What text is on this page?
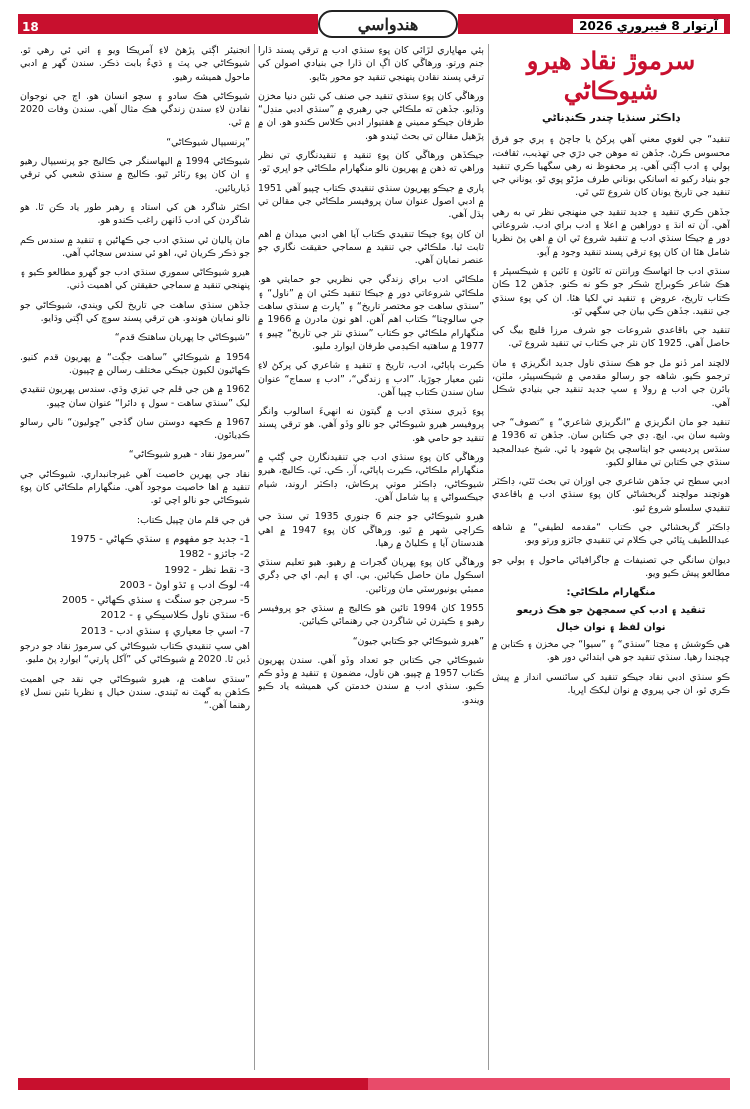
18	هندواسي	آرتوار 8 فيبروري 2026
سرموڙ نقاد هيرو شيوڪاڻي
ڊاڪٽر سنڌيا چندر ڪنڊناڻي

تنقيد“ جي لغوي معني آهي پرکڻ يا جاچڻ ۽ ٻري جو فرق محسوس ڪرڻ. جڏهن ته موهن جي دڙي جي تهذيب، ثقافت، ٻولي ۽ ادب اڳتي آهي. پر محفوظ نه رهي سگهيا ڪري تنقيد جو بنياد رکيو ته اسانکي بوناني طرف مڙڻو پوي ٿو. يوناني جي تنقيد جي تاريخ يونان کان شروع ٿئي ٿي.

جڏهن ڪري تنقيد ۽ جديد تنقيد جي منهنجي نظر تي به رهي آهي. آن ته انڌ ۽ دوراهين ۾ اعلا ۽ ادب براي ادب. شروعاتي دور ۾ جيڪا سنڌي ادب ۾ تنقيد شروع ٿي ان ۾ اهي پڻ نظريا شامل هئا ان کان پوءِ ترقي پسند تنقيد وجود ۾ آيو.

سنڌي ادب جا اتهاسڪ ورانتن ته ٽائون ۽ ٽائين ۽ شيڪسپئر ۽ هڪ شاعر ڪوبراج شڪر جو ڪو نه ڪنو. جڏهن 12 ڪان ڪتاب تاريخ، عروض ۽ تنقيد تي لکيا هئا. ان کي پوءِ سنڌي جي تنقيد. جڏهن ڪي بيان جي سگهي ٿو.

تنقيد جي باقاعدي شروعات جو شرف مرزا قليچ بيگ کي حاصل آهي. 1925 کان نثر جي ڪتاب تي تنقيد شروع ٿي.

لالچند امر ڏنو مل جو هڪ سنڌي ناول جديد انگريزي ۽ مان ترجمو ڪيو. شاهه جو رسالو مقدمي ۾ شيڪسپيئر، ملٽن، بائرن جي ادب ۾ رولا ۽ سڀ جديد تنقيد جي بنيادي شڪل آهي.

تنقيد جو مان انگريزي ۾ “انگريزي شاعري“ ۽ “تصوف“ جي وشيه سان بي. ايچ. ڊي جي ڪتابن سان. جڏهن ته 1936 ۾ سنڌس پرديسي جو ايتاسچي پڻ شهود يا ٿي. شيخ عبدالمجيد سنڌي جي ڪتابن تي مقالو لکيو.

ادبي سطح تي جڏهن شاعري جي اوزان تي بحث ٿئي، ڊاڪٽر هوتچند مولچند گربخشاڻي کان پوءِ سنڌي ادب ۾ باقاعدي تنقيدي سلسلو شروع ٿيو.

ڊاڪٽر گربخشاڻي جي ڪتاب “مقدمه لطيفي“ ۾ شاهه عبداللطيف ڀٽائي جي ڪلام تي تنقيدي جائزو ورتو ويو.

ديوان سانگي جي تصنيفات ۾ جاگرافيائي ماحول ۽ ٻولي جو مطالعو پيش ڪيو ويو.

منگهارام ملڪاڻي:
تنقيد ۽ ادب کي سمجهڻ جو هڪ ذريعو
نوان لفظ ۽ نوان خيال

هي ڪوشش ۽ مڃتا ”سنڌي“ ۽ ”سيوا“ جي مخزن ۽ ڪتابن ۾ ڇپجندا رهيا. سنڌي تنقيد جو هي ابتدائي دور هو.

ڪو سنڌي ادبي نقاد جيڪو تنقيد کي سائنسي انداز ۾ پيش ڪري ٿو، ان جي پيروي ۾ نوان ليکڪ اڀريا.

ٻئي مهاڀاري لڙائي کان پوءِ سنڌي ادب ۾ ترقي پسند ڌارا جنم ورتو. ورهاڱي کان اڳ ان ڌارا جي بنيادي اصولن کي ترقي پسند نقادن پنهنجي تنقيد جو محور بڻايو.

ورهاڱي کان پوءِ سنڌي تنقيد جي صنف کي نئين دنيا مخزن وڌايو. جڏهن ته ملڪاڻي جي رهبري ۾ ”سنڌي ادبي منڊل“ طرفان جيڪو مميني ۾ هفتيوار ادبي ڪلاس ڪندو هو. ان ۾ پڙهيل مقالن تي بحث ٿيندو هو.

جيڪڏهن ورهاڱي کان پوءِ تنقيد ۽ تنقيدنگاري تي نظر وراهي ته ذهن ۾ پهريون نالو منگهارام ملڪاڻي جو اڀري ٿو.

پاري ۾ جيڪو پهريون سنڌي تنقيدي ڪتاب ڇپيو آهي 1951 ۾ ادبي اصول عنوان سان پروفيسر ملڪاڻي جي مقالن تي ٻڌل آهي.

ان کان پوءِ جيڪا تنقيدي ڪتاب آيا اهي ادبي ميدان ۾ اهم ثابت ٿيا. ملڪاڻي جي تنقيد ۾ سماجي حقيقت نگاري جو عنصر نمايان آهي.

ملڪاڻي ادب براي زندگي جي نظريي جو حمايتي هو. ملڪاڻي شروعاتي دور ۾ جيڪا تنقيد ڪئي ان ۾ ”ناول“ ۽ ”سنڌي ساهت جو مختصر تاريخ“ ۽ ”پارت ۾ سنڌي ساهت جي سالوچنا“ ڪتاب اهم آهن. اهو نون مادرن ۾ 1966 ۾ منگهارام ملڪاڻي جو ڪتاب ”سنڌي نثر جي تاريخ“ ڇپيو ۽ 1977 ۾ ساهتيه اڪيڊمي طرفان ايوارڊ مليو.

ڪيرت ٻاٻاڻي، ادب، تاريخ ۽ تنقيد ۽ شاعري کي پرکڻ لاءِ نئين معيار جوڙيا. ”ادب ۽ زندگي“، ”ادب ۽ سماج“ عنوان سان سندن ڪتاب ڇپيا آهن.

پوءِ ڏيري سنڌي ادب ۾ گيتون نه انهيءَ اسالوب وانگر پروفيسر هيرو شيوڪاڻي جو نالو وڏو آهي. هو ترقي پسند تنقيد جو حامي هو.

ورهاڱي کان پوءِ سنڌي ادب جي تنقيدنگارن جي ڳڻپ ۾ منگهارام ملڪاڻي، ڪيرت ٻاٻاڻي، آر. ڪي. ٽي. ڪاليچ، هيرو شيوڪاڻي، ڊاڪٽر موتي پرڪاش، ڊاڪٽر اروند، شيام جيڪسواڻي ۽ ٻيا شامل آهن.

هيرو شيوڪاڻي جو جنم 6 جنوري 1935 تي سنڌ جي ڪراچي شهر ۾ ٿيو. ورهاڱي کان پوءِ 1947 ۾ اهي هندستان آيا ۽ ڪلياڻ ۾ رهيا.

ورهاڱي کان پوءِ پهريان گجرات ۾ رهيو. هيو تعليم سنڌي اسڪول مان حاصل ڪيائين. بي. اي ۽ ايم. اي جي ڊگري ممبئي يونيورسٽي مان ورتائين.

1955 کان 1994 تائين هو ڪاليج ۾ سنڌي جو پروفيسر رهيو ۽ ڪيترن ئي شاگردن جي رهنمائي ڪيائين.

”هيرو شيوڪاڻي جو ڪتابي جيون“

شيوڪاڻي جي ڪتابن جو تعداد وڏو آهي. سندن پهريون ڪتاب 1957 ۾ ڇپيو. هن ناول، مضمون ۽ تنقيد ۾ وڏو ڪم ڪيو. سنڌي ادب ۾ سندن خدمتن کي هميشه ياد ڪيو ويندو.

انجنيئر اڳتي پڙهڻ لاءِ آمريڪا ويو ۽ اتي ئي رهي ٿو. شيوڪاڻي جي پٽ ۽ ڌيءُ بابت ذڪر. سندن گهر ۾ ادبي ماحول هميشه رهيو.

شيوڪاڻي هڪ سادو ۽ سچو انسان هو. اڄ جي نوجوان نقادن لاءِ سندن زندگي هڪ مثال آهي. سندن وفات 2020 ۾ ٿي.

”پرنسيپال شيوڪاڻي“

شيوڪاڻي 1994 ۾ اليهاسنگر جي ڪاليج جو پرنسيپال رهيو ۽ ان کان پوءِ رٽائر ٿيو. ڪاليج ۾ سنڌي شعبي کي ترقي ڏياريائين.

اڪثر شاگرد هن کي استاد ۽ رهبر طور ياد ڪن ٿا. هو شاگردن کي ادب ڏانهن راغب ڪندو هو.

مان ٻاليان ٿي سنڌي ادب جي ڪهاڻين ۽ تنقيد ۾ سندس ڪم جو ذڪر ڪريان ٿي، اهو ئي سندس سڃاڻپ آهي.

هيرو شيوڪاڻي سموري سنڌي ادب جو گهرو مطالعو ڪيو ۽ پنهنجي تنقيد ۾ سماجي حقيقتن کي اهميت ڏني.

جڏهن سنڌي ساهت جي تاريخ لکي ويندي، شيوڪاڻي جو نالو نمايان هوندو. هن ترقي پسند سوچ کي اڳتي وڌايو.

”شيوڪاڻي جا پهريان ساهتڪ قدم“

1954 ۾ شيوڪاڻي ”ساهت جڳت“ ۾ پهريون قدم کنيو. ڪهاڻيون لکيون جيڪي مختلف رسالن ۾ ڇپيون.

1962 ۾ هن جي قلم جي تيزي وڌي. سندس پهريون تنقيدي ليک ”سنڌي ساهت - سول ۽ دائرا“ عنوان سان ڇپيو.

1967 ۾ ڪجهه دوستن سان گڏجي ”ڇوليون“ نالي رسالو ڪڍيائون.

”سرموڙ نقاد - هيرو شيوڪاڻي“

نقاد جي پهرين خاصيت آهي غيرجانبداري. شيوڪاڻي جي تنقيد ۾ اها خاصيت موجود آهي. منگهارام ملڪاڻي کان پوءِ شيوڪاڻي جو نالو اچي ٿو.

فن جي قلم مان ڇپيل ڪتاب:

1- جديد جو مفهوم ۽ سنڌي ڪهاڻي - 1975
2- جائزو - 1982
3- نقط نظر - 1992
4- لوڪ ادب ۽ ٿڌو اوڻ - 2003
5- سرجن جو سنگت ۽ سنڌي ڪهاڻي - 2005
6- سنڌي ناول ڪلاسيڪي ۽ - 2012
7- اسي جا معياري ۽ سنڌي ادب - 2013

اهي سڀ تنقيدي ڪتاب شيوڪاڻي کي سرموڙ نقاد جو درجو ڏين ٿا. 2020 ۾ شيوڪاڻي کي ”آکل ڀارتي“ ايوارڊ پڻ مليو.

”سنڌي ساهت ۾، هيرو شيوڪاڻي جي نقد جي اهميت ڪڏهن به گهٽ نه ٿيندي. سندن خيال ۽ نظريا نئين نسل لاءِ رهنما آهن.“
